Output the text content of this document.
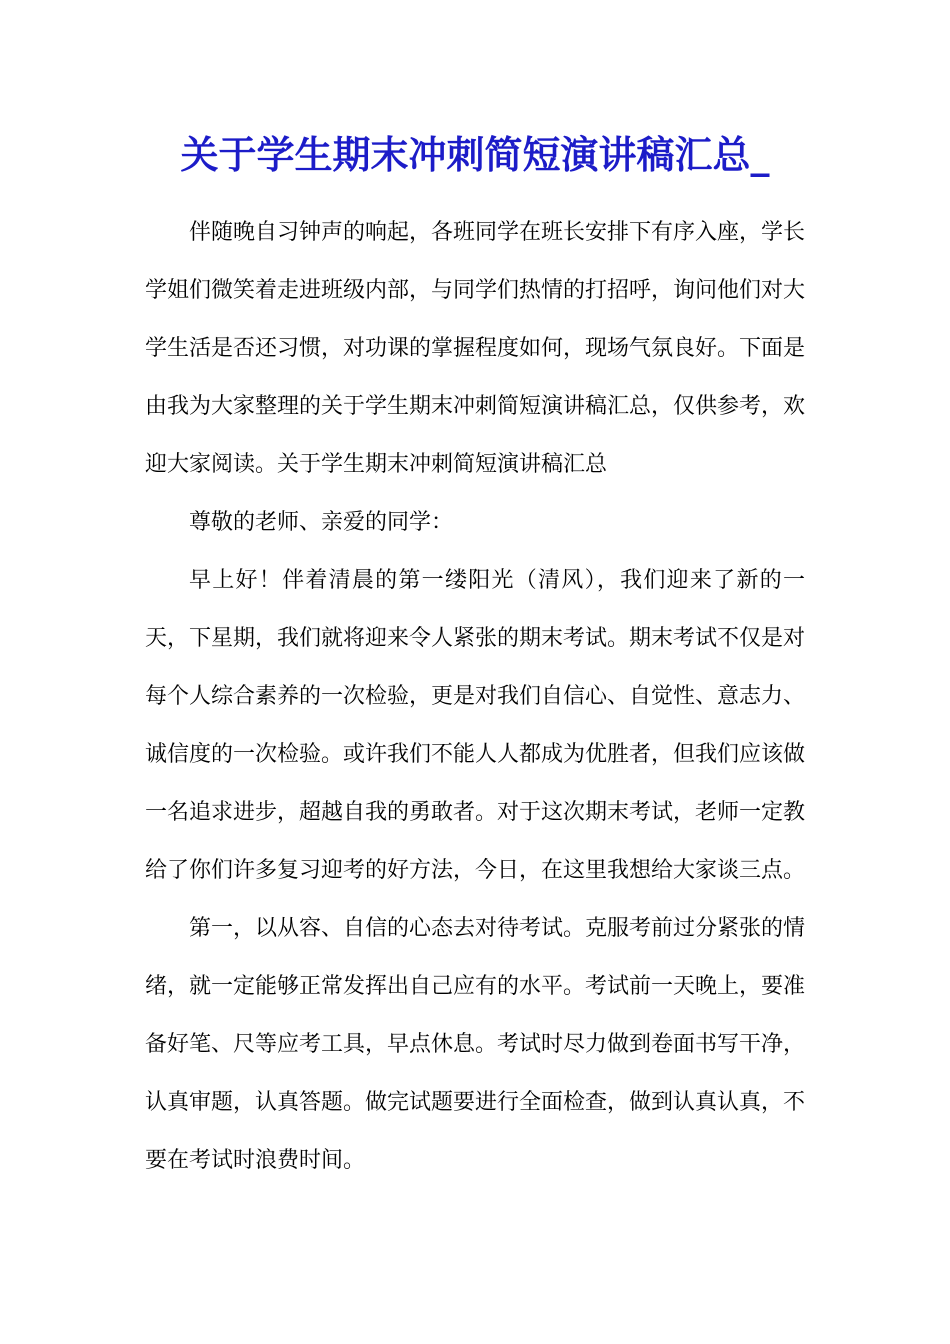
关于学生期末冲刺简短演讲稿汇总_

伴随晚自习钟声的响起，各班同学在班长安排下有序入座，学长学姐们微笑着走进班级内部，与同学们热情的打招呼，询问他们对大学生活是否还习惯，对功课的掌握程度如何，现场气氛良好。下面是由我为大家整理的关于学生期末冲刺简短演讲稿汇总，仅供参考，欢迎大家阅读。关于学生期末冲刺简短演讲稿汇总

尊敬的老师、亲爱的同学：

早上好！伴着清晨的第一缕阳光（清风），我们迎来了新的一天，下星期，我们就将迎来令人紧张的期末考试。期末考试不仅是对每个人综合素养的一次检验，更是对我们自信心、自觉性、意志力、诚信度的一次检验。或许我们不能人人都成为优胜者，但我们应该做一名追求进步，超越自我的勇敢者。对于这次期末考试，老师一定教给了你们许多复习迎考的好方法，今日，在这里我想给大家谈三点。

第一，以从容、自信的心态去对待考试。克服考前过分紧张的情绪，就一定能够正常发挥出自己应有的水平。考试前一天晚上，要准备好笔、尺等应考工具，早点休息。考试时尽力做到卷面书写干净，认真审题，认真答题。做完试题要进行全面检查，做到认真认真，不要在考试时浪费时间。
